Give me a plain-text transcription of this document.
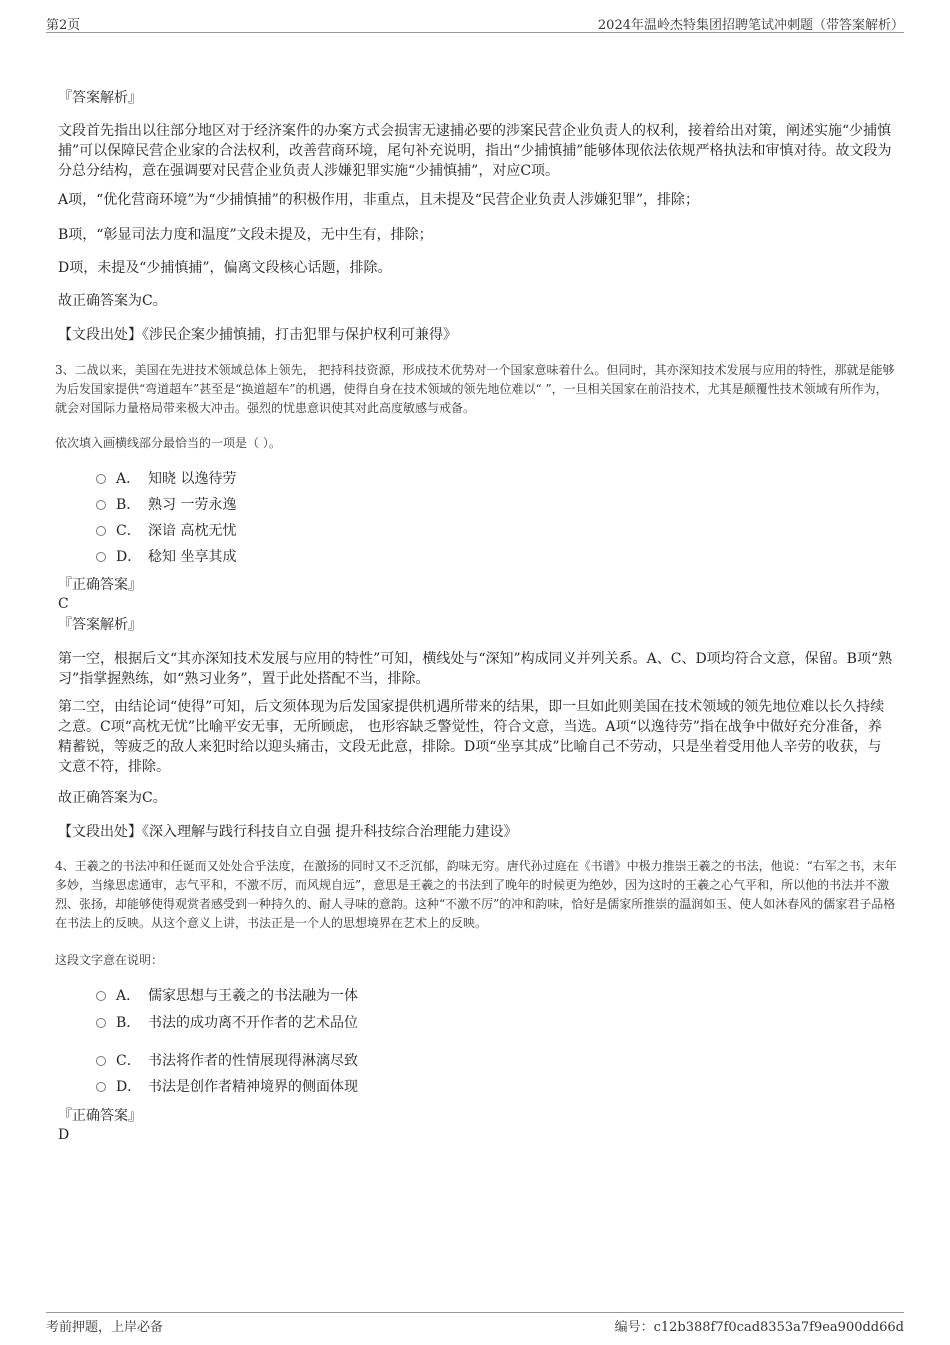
第2页	2024年温岭杰特集团招聘笔试冲刺题（带答案解析）
『答案解析』
文段首先指出以往部分地区对于经济案件的办案方式会损害无逮捕必要的涉案民营企业负责人的权利，接着给出对策，阐述实施“少捕慎捕”可以保障民营企业家的合法权利，改善营商环境，尾句补充说明，指出“少捕慎捕”能够体现依法依规严格执法和审慎对待。故文段为分总分结构，意在强调要对民营企业负责人涉嫌犯罪实施“少捕慎捕”，对应C项。
A项，“优化营商环境”为“少捕慎捕”的积极作用，非重点，且未提及“民营企业负责人涉嫌犯罪”，排除；
B项，“彰显司法力度和温度”文段未提及，无中生有，排除；
D项，未提及“少捕慎捕”，偏离文段核心话题，排除。
故正确答案为C。
【文段出处】《涉民企案少捕慎捕，打击犯罪与保护权利可兼得》
3、二战以来，美国在先进技术领域总体上领先， 把持科技资源，形成技术优势对一个国家意味着什么。但同时，其亦深知技术发展与应用的特性，那就是能够为后发国家提供“弯道超车”甚至是“换道超车”的机遇，使得自身在技术领域的领先地位难以“ ”，一旦相关国家在前沿技术，尤其是颠覆性技术领域有所作为，就会对国际力量格局带来极大冲击。强烈的忧患意识使其对此高度敏感与戒备。
依次填入画横线部分最恰当的一项是（ ）。
A． 知晓 以逸待劳
B． 熟习 一劳永逸
C． 深谙 高枕无忧
D． 稔知 坐享其成
『正确答案』
C
『答案解析』
第一空，根据后文“其亦深知技术发展与应用的特性”可知，横线处与“深知”构成同义并列关系。A、C、D项均符合文意，保留。B项“熟习”指掌握熟练，如“熟习业务”，置于此处搭配不当，排除。
第二空，由结论词“使得”可知，后文须体现为后发国家提供机遇所带来的结果，即一旦如此则美国在技术领域的领先地位难以长久持续之意。C项“高枕无忧”比喻平安无事，无所顾虑， 也形容缺乏警觉性，符合文意，当选。A项“以逸待劳”指在战争中做好充分准备，养精蓄锐，等疲乏的敌人来犯时给以迎头痛击，文段无此意，排除。D项“坐享其成”比喻自己不劳动，只是坐着受用他人辛劳的收获，与文意不符，排除。
故正确答案为C。
【文段出处】《深入理解与践行科技自立自强 提升科技综合治理能力建设》
4、王羲之的书法冲和任诞而又处处合乎法度，在激扬的同时又不乏沉郁，韵味无穷。唐代孙过庭在《书谱》中极力推崇王羲之的书法，他说：“右军之书，末年多妙，当缘思虑通审，志气平和，不激不厉，而风规自远”，意思是王羲之的书法到了晚年的时候更为绝妙，因为这时的王羲之心气平和，所以他的书法并不激烈、张扬，却能够使得观赏者感受到一种持久的、耐人寻味的意韵。这种“不激不厉”的冲和韵味，恰好是儒家所推崇的温润如玉、使人如沐春风的儒家君子品格在书法上的反映。从这个意义上讲，书法正是一个人的思想境界在艺术上的反映。
这段文字意在说明：
A． 儒家思想与王羲之的书法融为一体
B． 书法的成功离不开作者的艺术品位
C． 书法将作者的性情展现得淋漓尽致
D． 书法是创作者精神境界的侧面体现
『正确答案』
D
考前押题，上岸必备	编号：c12b388f7f0cad8353a7f9ea900dd66d
